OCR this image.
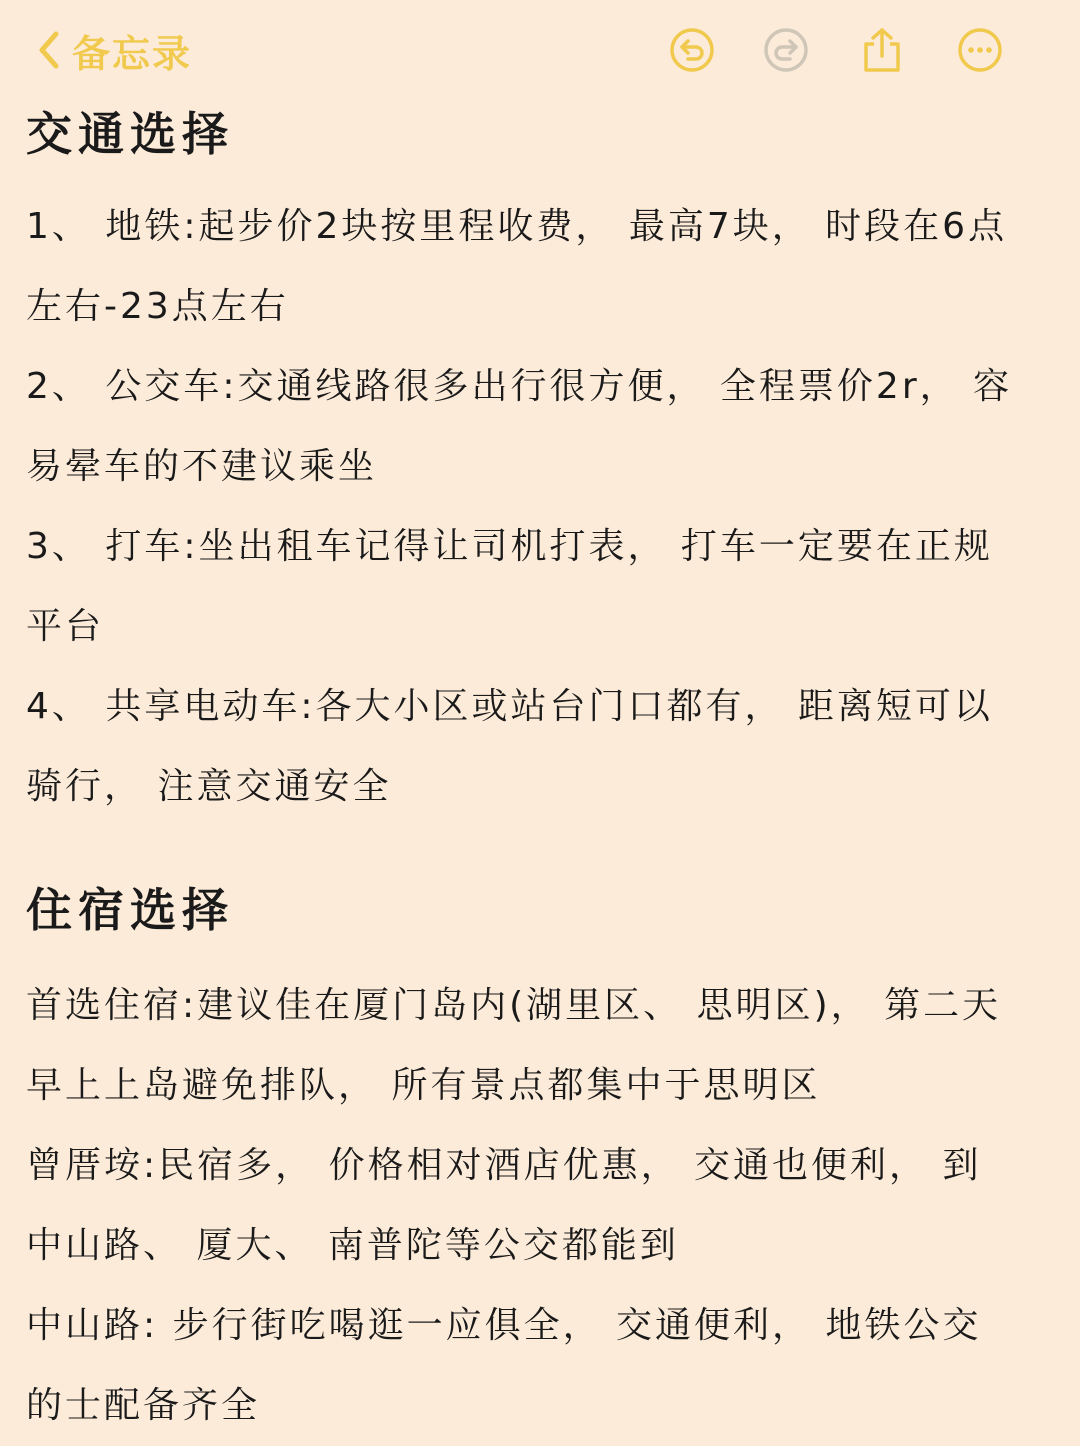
备忘录
交通选择
1、 地铁:起步价2块按里程收费， 最高7块， 时段在6点
左右-23点左右
2、 公交车:交通线路很多出行很方便， 全程票价2r， 容
易晕车的不建议乘坐
3、 打车:坐出租车记得让司机打表， 打车一定要在正规
平台
4、 共享电动车:各大小区或站台门口都有， 距离短可以
骑行， 注意交通安全
住宿选择
首选住宿:建议佳在厦门岛内(湖里区、 思明区)， 第二天
早上上岛避免排队， 所有景点都集中于思明区
曾厝垵:民宿多， 价格相对酒店优惠， 交通也便利， 到
中山路、 厦大、 南普陀等公交都能到
中山路: 步行街吃喝逛一应俱全， 交通便利， 地铁公交
的士配备齐全
